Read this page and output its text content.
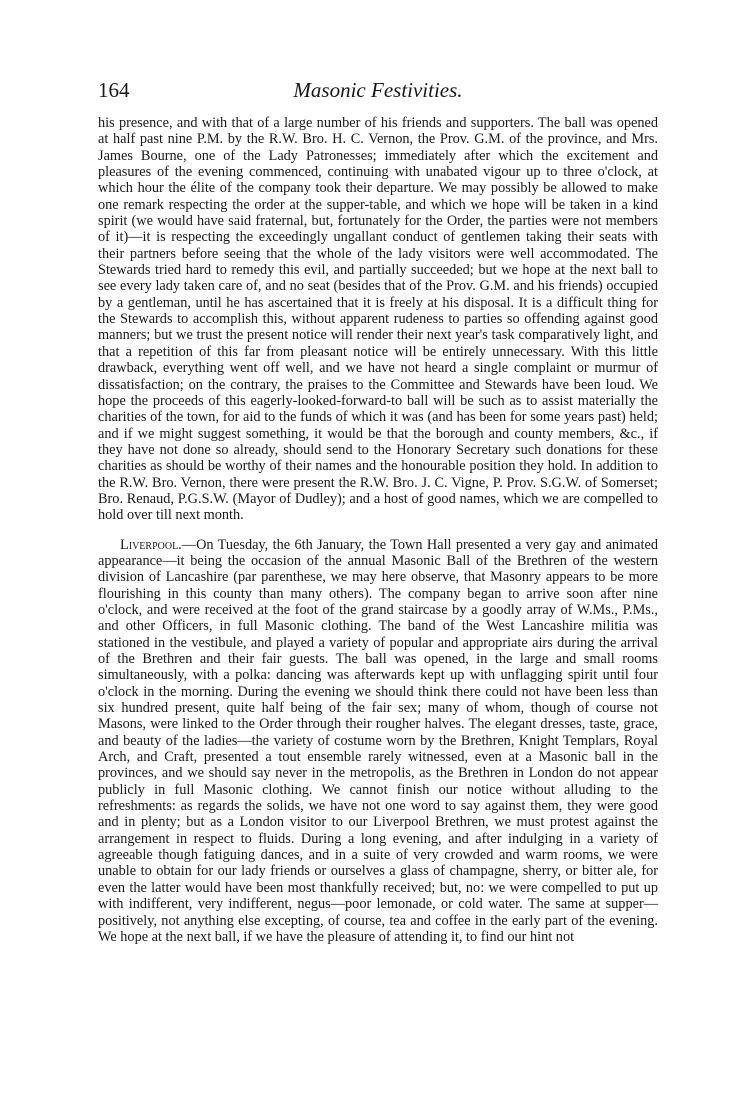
164	Masonic Festivities.

his presence, and with that of a large number of his friends and supporters. The ball was opened at half past nine P.M. by the R.W. Bro. H. C. Vernon, the Prov. G.M. of the province, and Mrs. James Bourne, one of the Lady Patronesses; immediately after which the excitement and pleasures of the evening commenced, continuing with unabated vigour up to three o'clock, at which hour the élite of the company took their departure. We may possibly be allowed to make one remark respecting the order at the supper-table, and which we hope will be taken in a kind spirit (we would have said fraternal, but, fortunately for the Order, the parties were not members of it)—it is respecting the exceedingly ungallant conduct of gentlemen taking their seats with their partners before seeing that the whole of the lady visitors were well accommodated. The Stewards tried hard to remedy this evil, and partially succeeded; but we hope at the next ball to see every lady taken care of, and no seat (besides that of the Prov. G.M. and his friends) occupied by a gentleman, until he has ascertained that it is freely at his disposal. It is a difficult thing for the Stewards to accomplish this, without apparent rudeness to parties so offending against good manners; but we trust the present notice will render their next year's task comparatively light, and that a repetition of this far from pleasant notice will be entirely unnecessary. With this little drawback, everything went off well, and we have not heard a single complaint or murmur of dissatisfaction; on the contrary, the praises to the Committee and Stewards have been loud. We hope the proceeds of this eagerly-looked-forward-to ball will be such as to assist materially the charities of the town, for aid to the funds of which it was (and has been for some years past) held; and if we might suggest something, it would be that the borough and county members, &c., if they have not done so already, should send to the Honorary Secretary such donations for these charities as should be worthy of their names and the honourable position they hold. In addition to the R.W. Bro. Vernon, there were present the R.W. Bro. J. C. Vigne, P. Prov. S.G.W. of Somerset; Bro. Renaud, P.G.S.W. (Mayor of Dudley); and a host of good names, which we are compelled to hold over till next month.

Liverpool.—On Tuesday, the 6th January, the Town Hall presented a very gay and animated appearance—it being the occasion of the annual Masonic Ball of the Brethren of the western division of Lancashire (par parenthese, we may here observe, that Masonry appears to be more flourishing in this county than many others). The company began to arrive soon after nine o'clock, and were received at the foot of the grand staircase by a goodly array of W.Ms., P.Ms., and other Officers, in full Masonic clothing. The band of the West Lancashire militia was stationed in the vestibule, and played a variety of popular and appropriate airs during the arrival of the Brethren and their fair guests. The ball was opened, in the large and small rooms simultaneously, with a polka: dancing was afterwards kept up with unflagging spirit until four o'clock in the morning. During the evening we should think there could not have been less than six hundred present, quite half being of the fair sex; many of whom, though of course not Masons, were linked to the Order through their rougher halves. The elegant dresses, taste, grace, and beauty of the ladies—the variety of costume worn by the Brethren, Knight Templars, Royal Arch, and Craft, presented a tout ensemble rarely witnessed, even at a Masonic ball in the provinces, and we should say never in the metropolis, as the Brethren in London do not appear publicly in full Masonic clothing. We cannot finish our notice without alluding to the refreshments: as regards the solids, we have not one word to say against them, they were good and in plenty; but as a London visitor to our Liverpool Brethren, we must protest against the arrangement in respect to fluids. During a long evening, and after indulging in a variety of agreeable though fatiguing dances, and in a suite of very crowded and warm rooms, we were unable to obtain for our lady friends or ourselves a glass of champagne, sherry, or bitter ale, for even the latter would have been most thankfully received; but, no: we were compelled to put up with indifferent, very indifferent, negus—poor lemonade, or cold water. The same at supper—positively, not anything else excepting, of course, tea and coffee in the early part of the evening. We hope at the next ball, if we have the pleasure of attending it, to find our hint not
